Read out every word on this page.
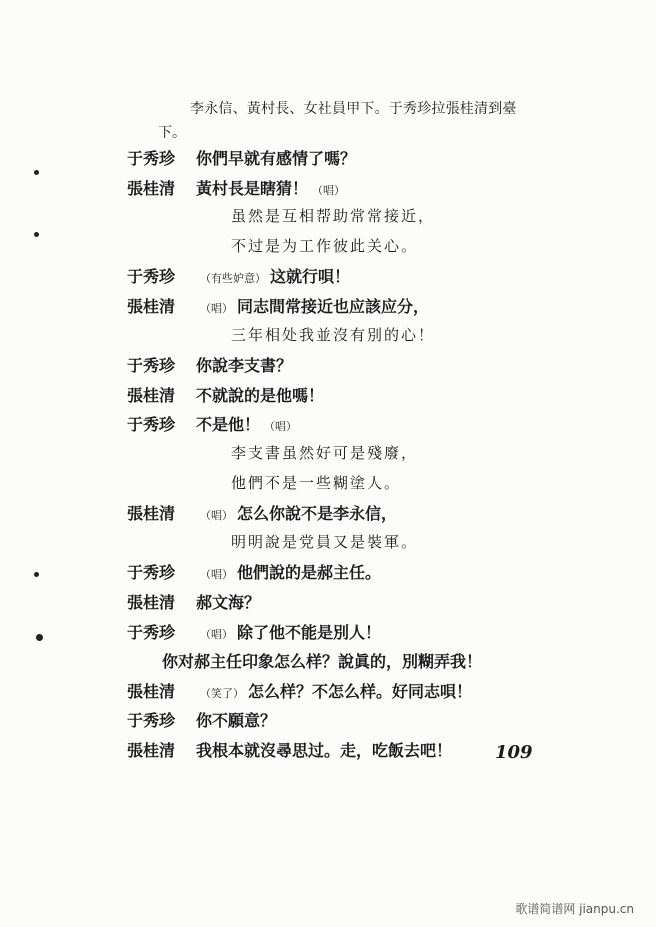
李永信、黃村長、女社員甲下。于秀珍拉張桂清到臺
下。
于秀珍 你們早就有感情了嗎？
張桂清 黃村長是瞎猜！ （唱）
虽然是互相帮助常常接近，
不过是为工作彼此关心。
于秀珍	（有些妒意） 这就行唄！
張桂清	（唱） 同志間常接近也应該应分，
三年相处我並沒有別的心！
于秀珍 你說李支書？
張桂清 不就說的是他嗎！
于秀珍 不是他！ （唱）
李支書虽然好可是殘廢，
他們不是一些糊塗人。
張桂清	（唱） 怎么你說不是李永信，
明明說是党員又是裝軍。
于秀珍	（唱） 他們說的是郝主任。
張桂清 郝文海？
于秀珍	（唱） 除了他不能是別人！
你对郝主任印象怎么样？說眞的，別糊弄我！
張桂清	（笑了） 怎么样？不怎么样。好同志唄！
于秀珍 你不願意？
張桂清 我根本就沒尋思过。走，吃飯去吧！ 109
歌谱简谱网 jianpu.cn
